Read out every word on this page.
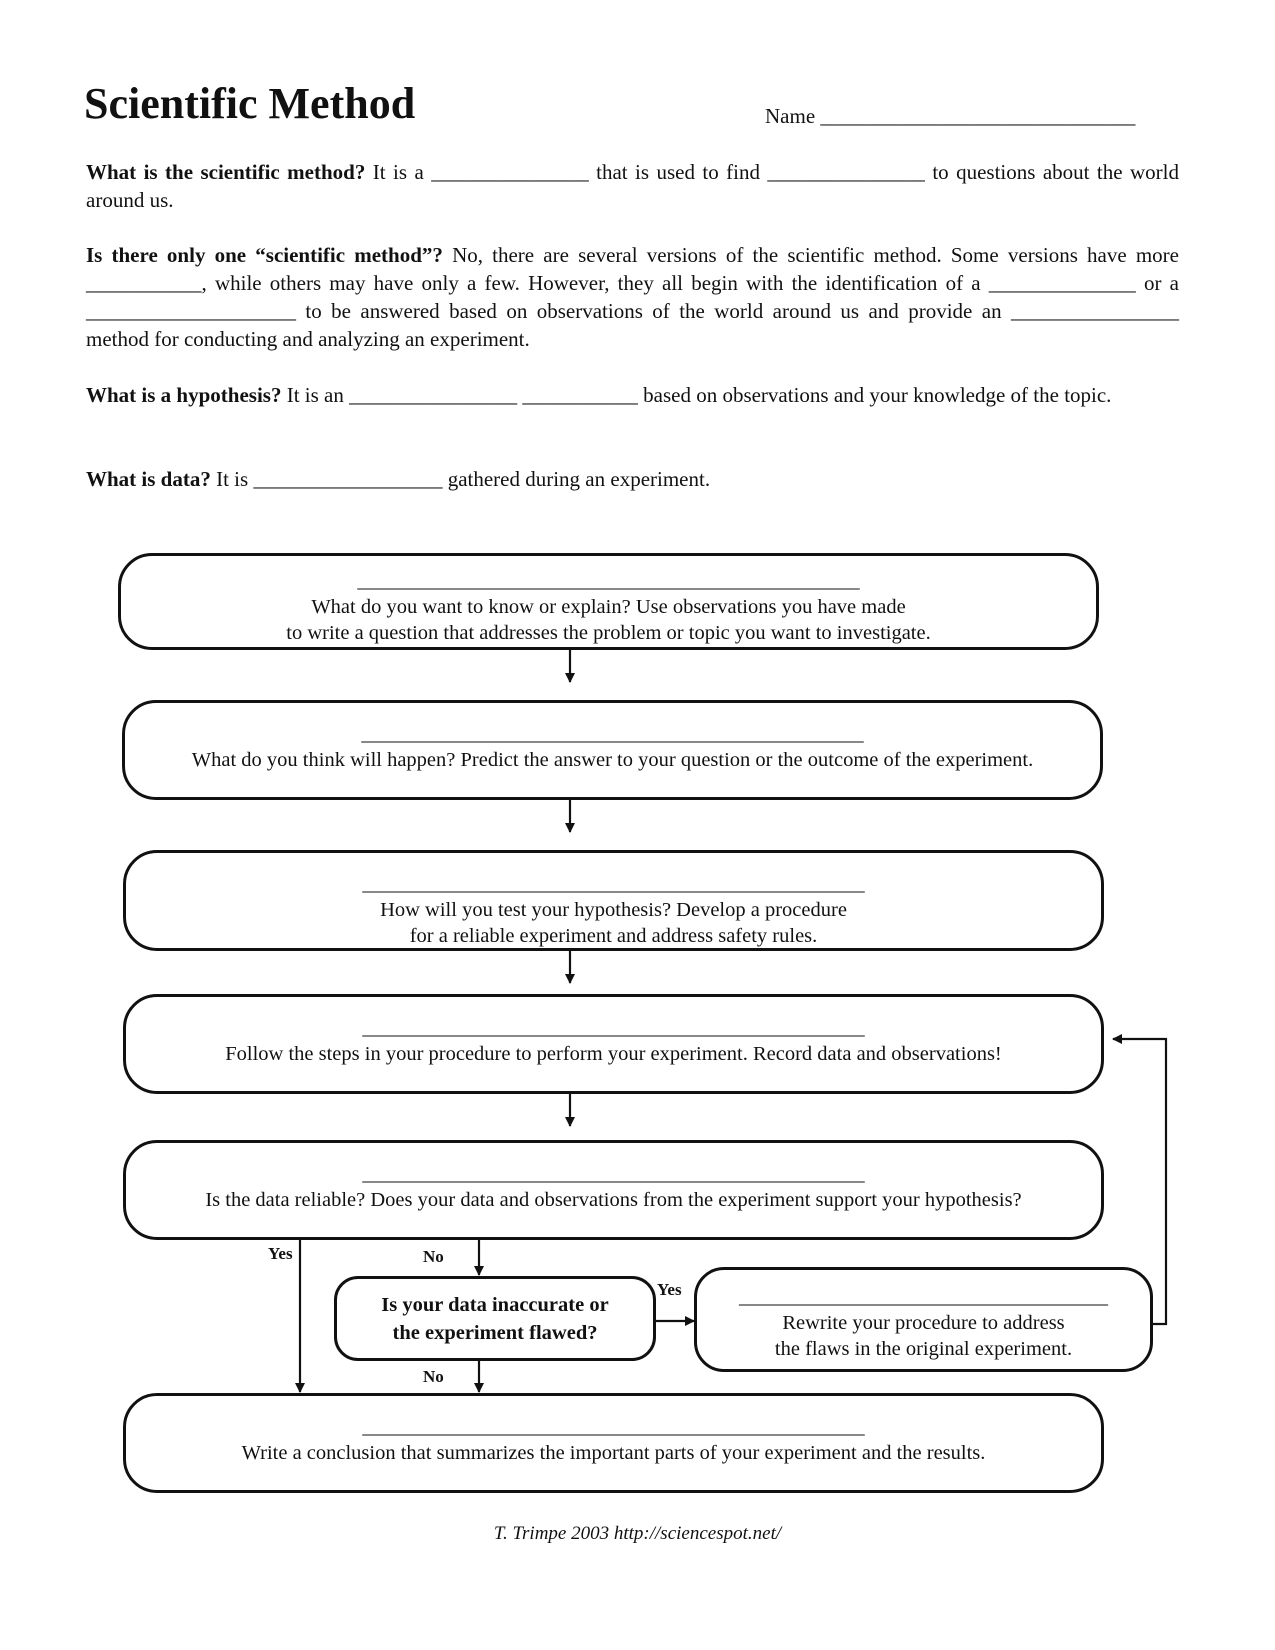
Scientific Method	Name ______________________________

What is the scientific method? It is a _______________ that is used to find _______________ to questions about the world around us.

Is there only one “scientific method”? No, there are several versions of the scientific method. Some versions have more ___________, while others may have only a few. However, they all begin with the identification of a ______________ or a ____________________ to be answered based on observations of the world around us and provide an ________________ method for conducting and analyzing an experiment.

What is a hypothesis? It is an ________________ ___________ based on observations and your knowledge of the topic.

What is data? It is __________________ gathered during an experiment.

_________________________________________________
What do you want to know or explain? Use observations you have made
to write a question that addresses the problem or topic you want to investigate.
_________________________________________________
What do you think will happen? Predict the answer to your question or the outcome of the experiment.
_________________________________________________
How will you test your hypothesis? Develop a procedure
for a reliable experiment and address safety rules.
_________________________________________________
Follow the steps in your procedure to perform your experiment. Record data and observations!
_________________________________________________
Is the data reliable? Does your data and observations from the experiment support your hypothesis?
Yes	No
Yes
No
Is your data inaccurate or
the experiment flawed?
____________________________________
Rewrite your procedure to address
the flaws in the original experiment.
_________________________________________________
Write a conclusion that summarizes the important parts of your experiment and the results.
T. Trimpe 2003 http://sciencespot.net/
